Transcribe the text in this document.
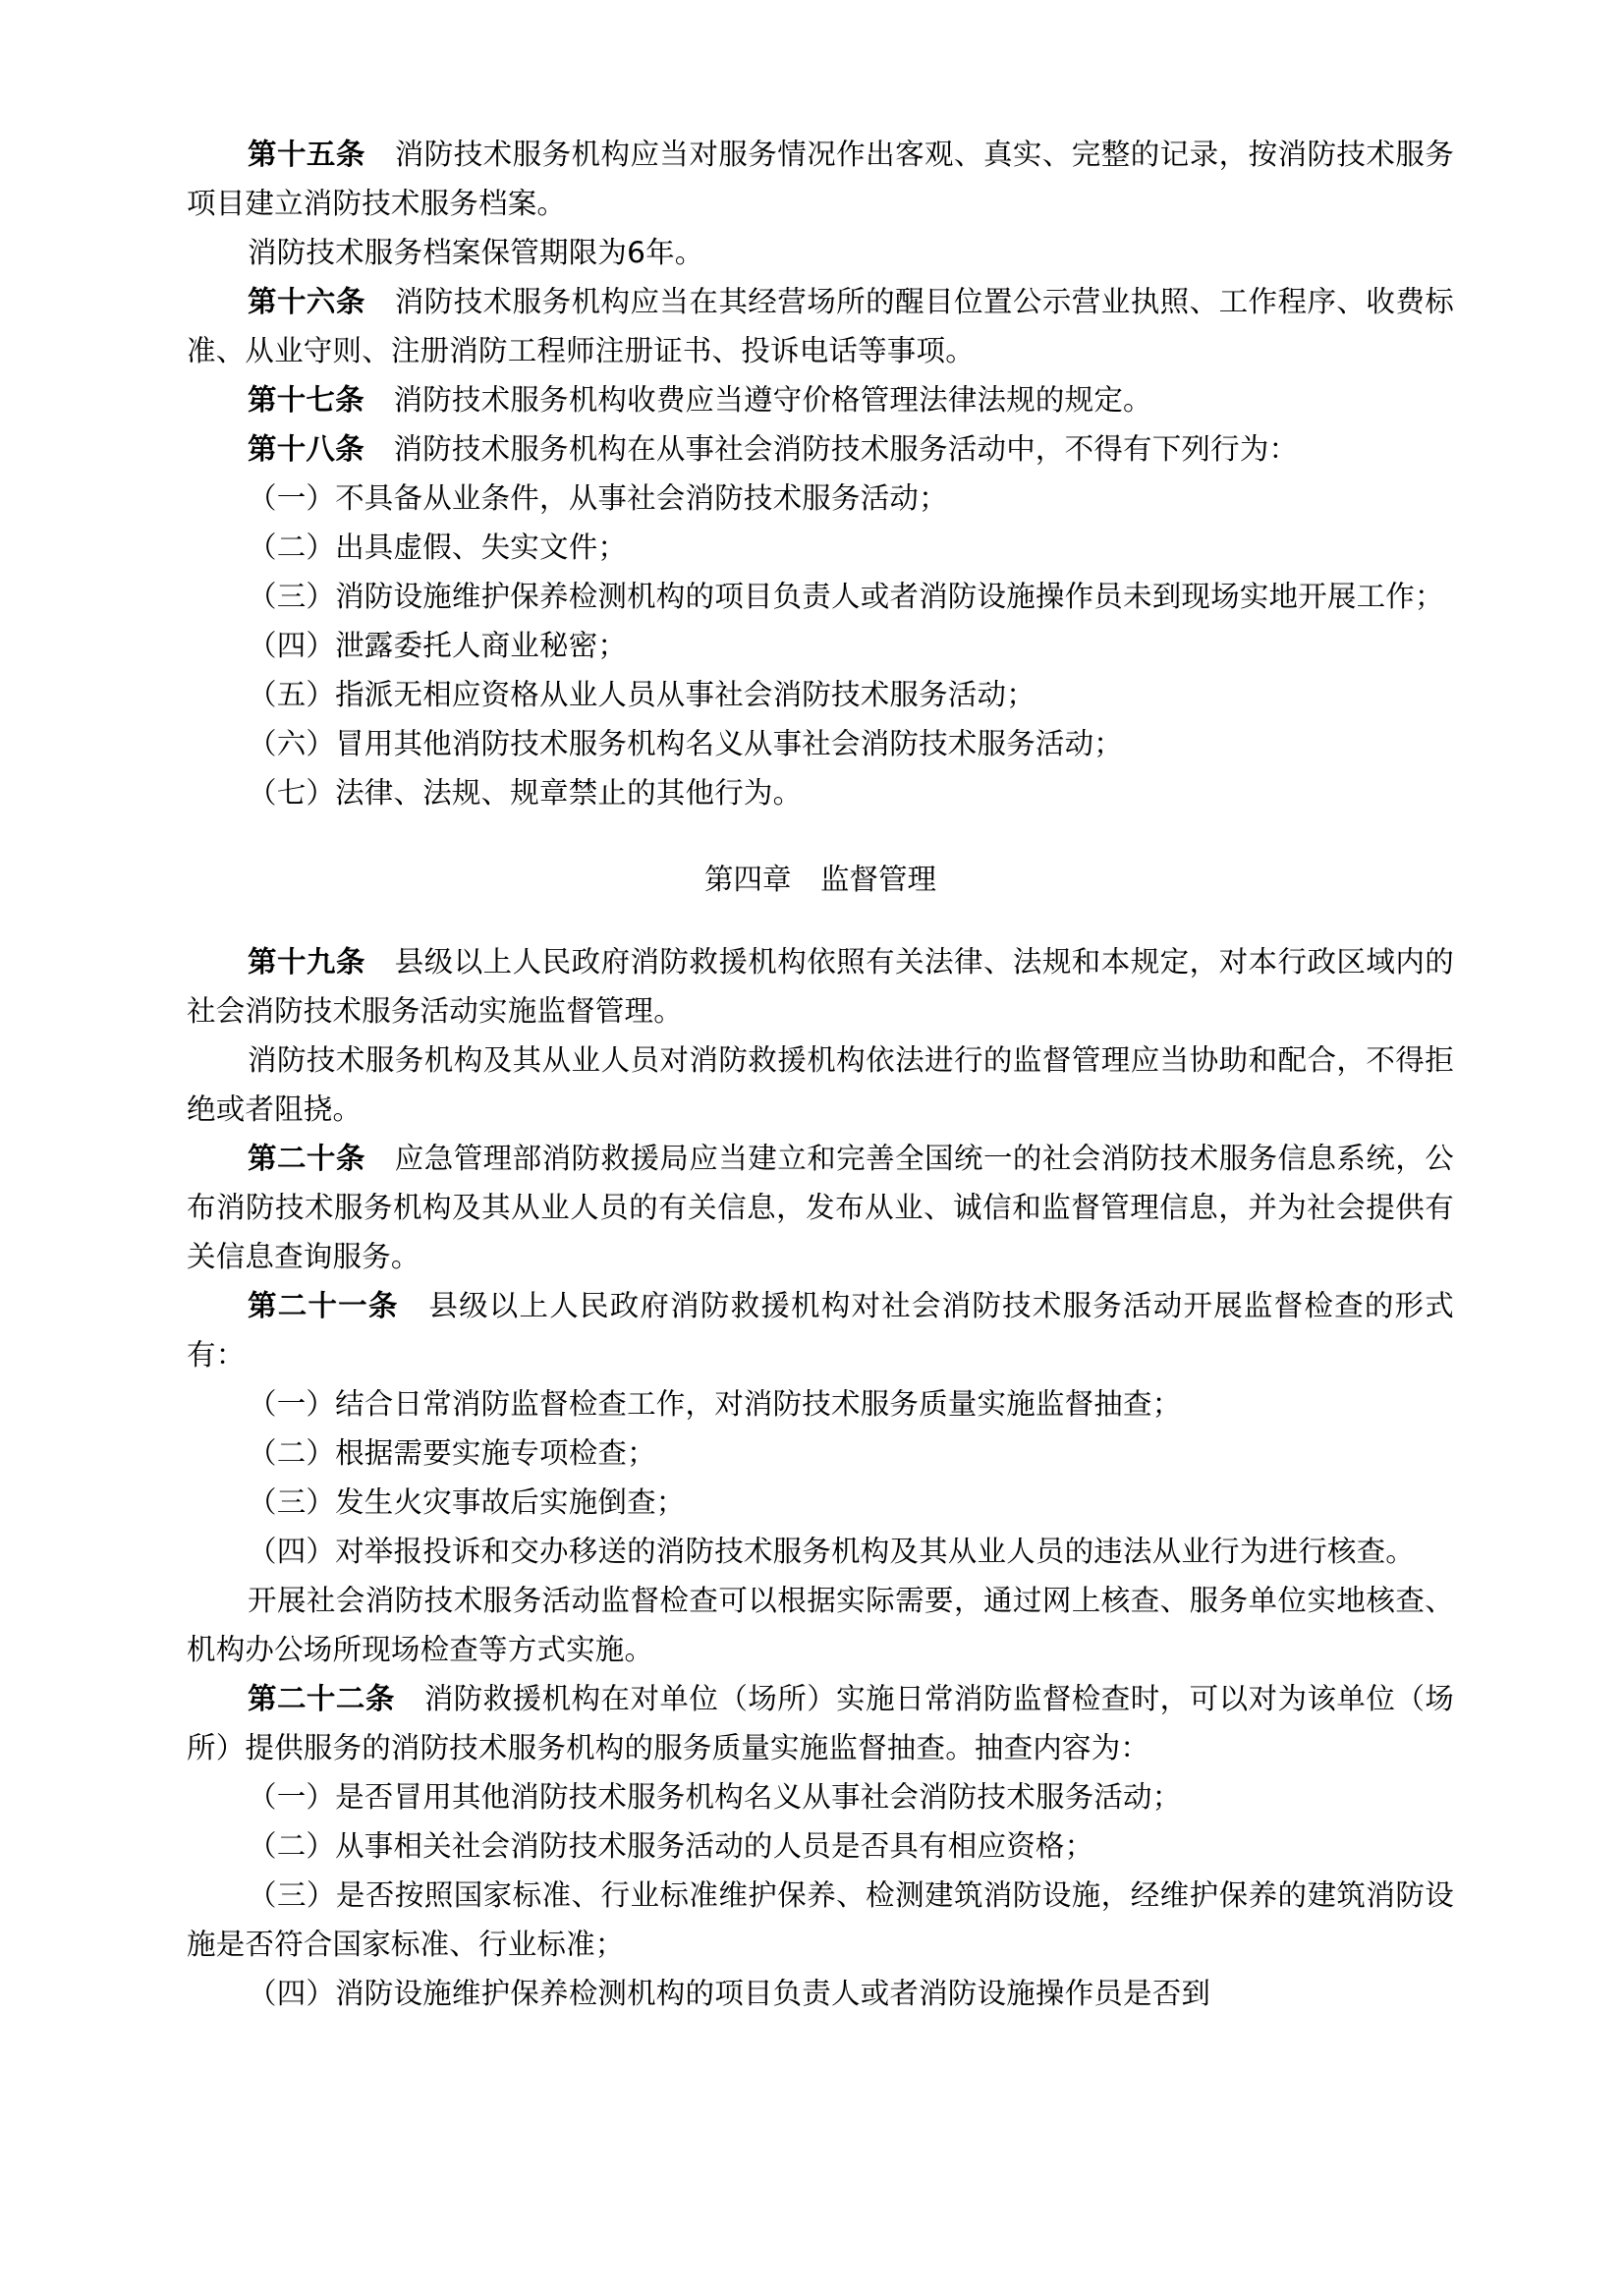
第十五条　 消防技术服务机构应当对服务情况作出客观、真实、完整的记录，按消防技术服务项目建立消防技术服务档案。

消防技术服务档案保管期限为6年。

第十六条　 消防技术服务机构应当在其经营场所的醒目位置公示营业执照、工作程序、收费标准、从业守则、注册消防工程师注册证书、投诉电话等事项。

第十七条　 消防技术服务机构收费应当遵守价格管理法律法规的规定。

第十八条　 消防技术服务机构在从事社会消防技术服务活动中，不得有下列行为：

（一）不具备从业条件，从事社会消防技术服务活动；

（二）出具虚假、失实文件；

（三）消防设施维护保养检测机构的项目负责人或者消防设施操作员未到现场实地开展工作；

（四）泄露委托人商业秘密；

（五）指派无相应资格从业人员从事社会消防技术服务活动；

（六）冒用其他消防技术服务机构名义从事社会消防技术服务活动；

（七）法律、法规、规章禁止的其他行为。

第四章　监督管理

第十九条　 县级以上人民政府消防救援机构依照有关法律、法规和本规定，对本行政区域内的社会消防技术服务活动实施监督管理。

消防技术服务机构及其从业人员对消防救援机构依法进行的监督管理应当协助和配合，不得拒绝或者阻挠。

第二十条　 应急管理部消防救援局应当建立和完善全国统一的社会消防技术服务信息系统，公布消防技术服务机构及其从业人员的有关信息，发布从业、诚信和监督管理信息，并为社会提供有关信息查询服务。

第二十一条　 县级以上人民政府消防救援机构对社会消防技术服务活动开展监督检查的形式有：

（一）结合日常消防监督检查工作，对消防技术服务质量实施监督抽查；

（二）根据需要实施专项检查；

（三）发生火灾事故后实施倒查；

（四）对举报投诉和交办移送的消防技术服务机构及其从业人员的违法从业行为进行核查。

开展社会消防技术服务活动监督检查可以根据实际需要，通过网上核查、服务单位实地核查、机构办公场所现场检查等方式实施。

第二十二条　 消防救援机构在对单位（场所）实施日常消防监督检查时，可以对为该单位（场所）提供服务的消防技术服务机构的服务质量实施监督抽查。抽查内容为：

（一）是否冒用其他消防技术服务机构名义从事社会消防技术服务活动；

（二）从事相关社会消防技术服务活动的人员是否具有相应资格；

（三）是否按照国家标准、行业标准维护保养、检测建筑消防设施，经维护保养的建筑消防设施是否符合国家标准、行业标准；

（四）消防设施维护保养检测机构的项目负责人或者消防设施操作员是否到
